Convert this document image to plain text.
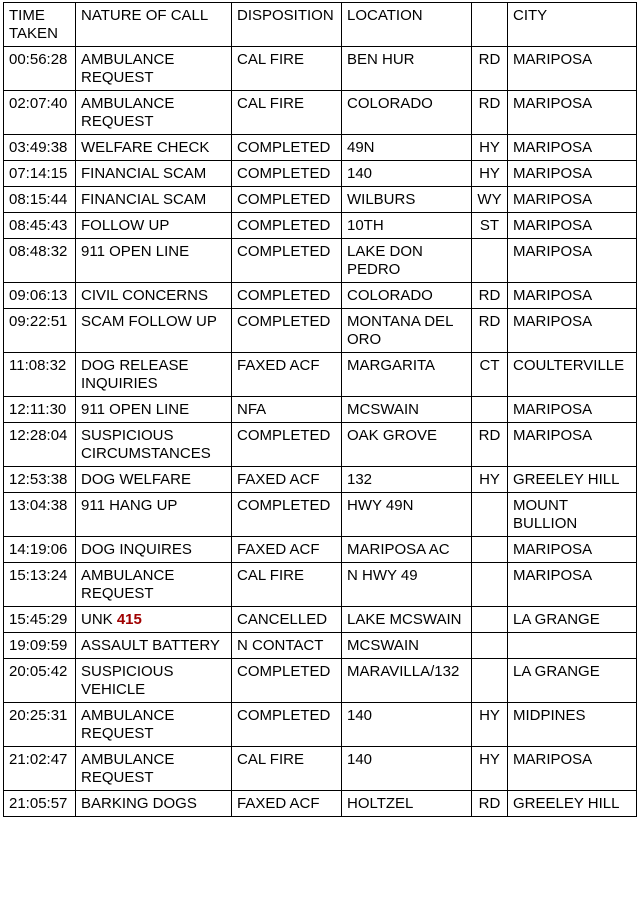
TIME TAKEN	NATURE OF CALL	DISPOSITION	LOCATION		CITY
00:56:28	AMBULANCE REQUEST	CAL FIRE	BEN HUR	RD	MARIPOSA
02:07:40	AMBULANCE REQUEST	CAL FIRE	COLORADO	RD	MARIPOSA
03:49:38	WELFARE CHECK	COMPLETED	49N	HY	MARIPOSA
07:14:15	FINANCIAL SCAM	COMPLETED	140	HY	MARIPOSA
08:15:44	FINANCIAL SCAM	COMPLETED	WILBURS	WY	MARIPOSA
08:45:43	FOLLOW UP	COMPLETED	10TH	ST	MARIPOSA
08:48:32	911 OPEN LINE	COMPLETED	LAKE DON PEDRO		MARIPOSA
09:06:13	CIVIL CONCERNS	COMPLETED	COLORADO	RD	MARIPOSA
09:22:51	SCAM FOLLOW UP	COMPLETED	MONTANA DEL ORO	RD	MARIPOSA
11:08:32	DOG RELEASE INQUIRIES	FAXED ACF	MARGARITA	CT	COULTERVILLE
12:11:30	911 OPEN LINE	NFA	MCSWAIN		MARIPOSA
12:28:04	SUSPICIOUS CIRCUMSTANCES	COMPLETED	OAK GROVE	RD	MARIPOSA
12:53:38	DOG WELFARE	FAXED ACF	132	HY	GREELEY HILL
13:04:38	911 HANG UP	COMPLETED	HWY 49N		MOUNT BULLION
14:19:06	DOG INQUIRES	FAXED ACF	MARIPOSA AC		MARIPOSA
15:13:24	AMBULANCE REQUEST	CAL FIRE	N HWY 49		MARIPOSA
15:45:29	UNK 415	CANCELLED	LAKE MCSWAIN		LA GRANGE
19:09:59	ASSAULT BATTERY	N CONTACT	MCSWAIN		
20:05:42	SUSPICIOUS VEHICLE	COMPLETED	MARAVILLA/132		LA GRANGE
20:25:31	AMBULANCE REQUEST	COMPLETED	140	HY	MIDPINES
21:02:47	AMBULANCE REQUEST	CAL FIRE	140	HY	MARIPOSA
21:05:57	BARKING DOGS	FAXED ACF	HOLTZEL	RD	GREELEY HILL
